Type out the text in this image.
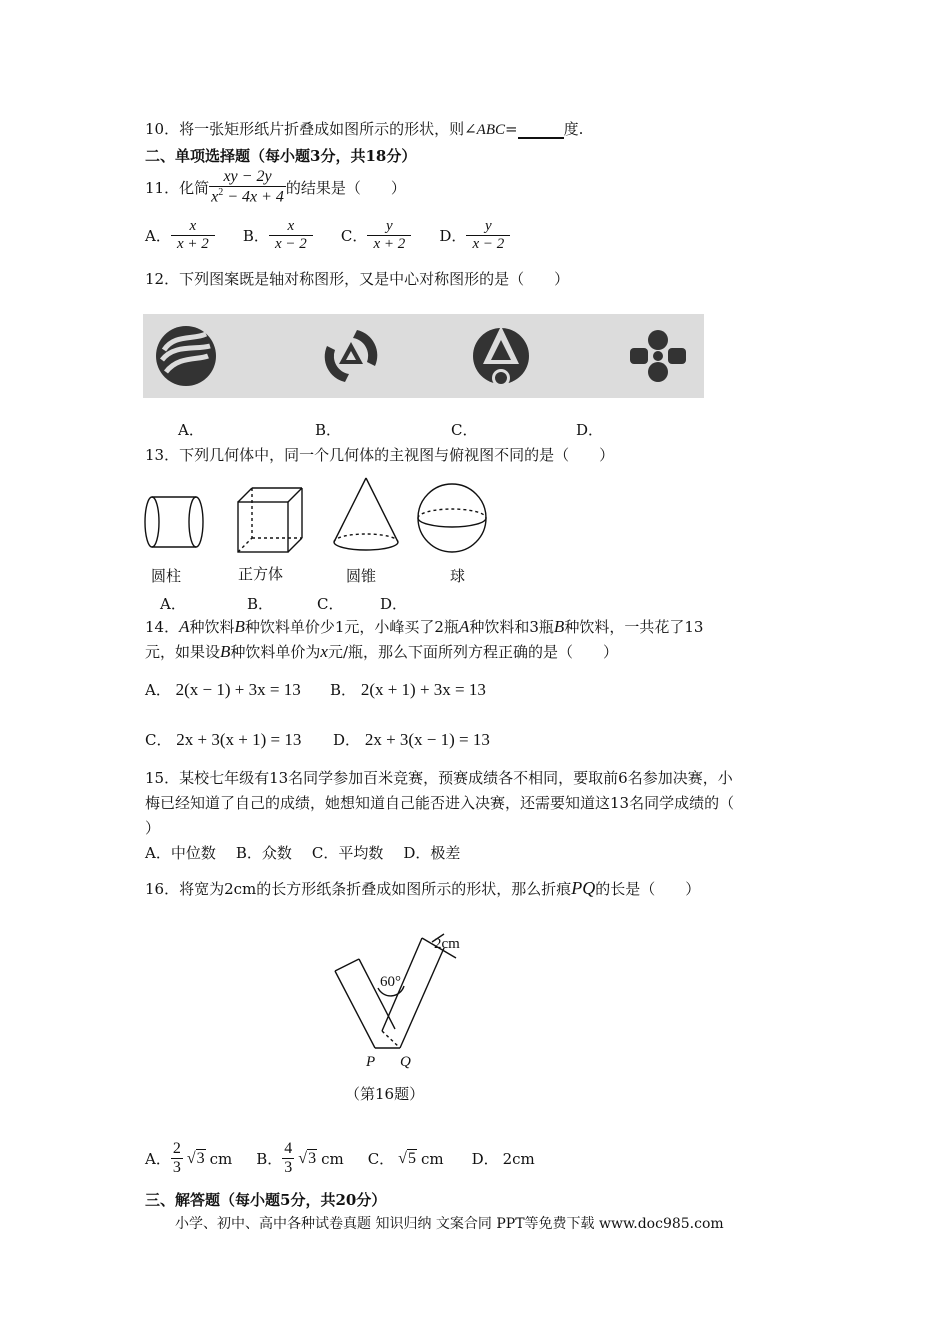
10．将一张矩形纸片折叠成如图所示的形状，则∠ABC=	度.
二、单项选择题（每小题3分，共18分）
11． 化简 $\frac{xy - 2y}{x^2 - 4x + 4}$ 的结果是（　　）
A． $\frac{x}{x + 2}$ B． $\frac{x}{x - 2}$ C． $\frac{y}{x + 2}$ D． $\frac{y}{x - 2}$
12．下列图案既是轴对称图形，又是中心对称图形的是（　　）
A．	B．	C．	D．
13．下列几何体中，同一个几何体的主视图与俯视图不同的是（　　）
圆柱	正方体	圆锥	球
A．	B．	C． D．
14．A种饮料B种饮料单价少1元，小峰买了2瓶A种饮料和3瓶B种饮料，一共花了13
元，如果设B种饮料单价为x元/瓶，那么下面所列方程正确的是（　　）
A． 2(x − 1) + 3x = 13 B． 2(x + 1) + 3x = 13
C． 2x + 3(x + 1) = 13 D． 2x + 3(x − 1) = 13
15．某校七年级有13名同学参加百米竞赛，预赛成绩各不相同，要取前6名参加决赛，小
梅已经知道了自己的成绩，她想知道自己能否进入决赛，还需要知道这13名同学成绩的（
）
A．中位数 B．众数 C．平均数 D．极差
16．将宽为2cm的长方形纸条折叠成如图所示的形状，那么折痕PQ的长是（　　）
2cm
60°
P Q
（第16题）
A． $\frac{2}{3} √3$ cm B． $\frac{4}{3} √3$ cm C． √5 cm D． 2cm
三、解答题（每小题5分，共20分）
小学、初中、高中各种试卷真题 知识归纳 文案合同 PPT等免费下载 www.doc985.com
